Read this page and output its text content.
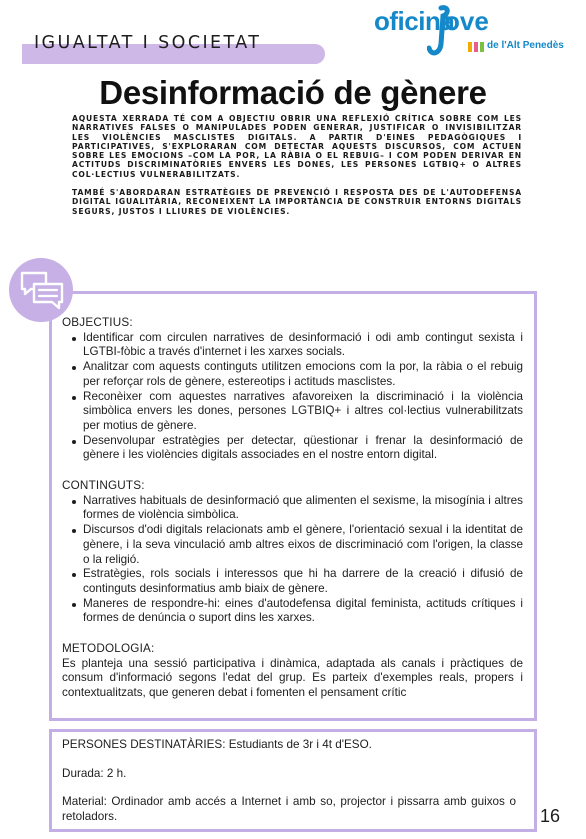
IGUALTAT I SOCIETAT
oficina
ove
de l'Alt Penedès
Desinformació de gènere

AQUESTA XERRADA TÉ COM A OBJECTIU OBRIR UNA REFLEXIÓ CRÍTICA SOBRE COM LES NARRATIVES FALSES O MANIPULADES PODEN GENERAR, JUSTIFICAR O INVISIBILITZAR LES VIOLÈNCIES MASCLISTES DIGITALS. A PARTIR D'EINES PEDAGÒGIQUES I PARTICIPATIVES, S'EXPLORARAN COM DETECTAR AQUESTS DISCURSOS, COM ACTUEN SOBRE LES EMOCIONS –COM LA POR, LA RÀBIA O EL REBUIG– I COM PODEN DERIVAR EN ACTITUDS DISCRIMINATÒRIES ENVERS LES DONES, LES PERSONES LGTBIQ+ O ALTRES COL·LECTIUS VULNERABILITZATS.

TAMBÉ S'ABORDARAN ESTRATÈGIES DE PREVENCIÓ I RESPOSTA DES DE L'AUTODEFENSA DIGITAL IGUALITÀRIA, RECONEIXENT LA IMPORTÀNCIA DE CONSTRUIR ENTORNS DIGITALS SEGURS, JUSTOS I LLIURES DE VIOLÈNCIES.

OBJECTIUS:
Identificar com circulen narratives de desinformació i odi amb contingut sexista i LGTBI-fòbic a través d'internet i les xarxes socials.
Analitzar com aquests continguts utilitzen emocions com la por, la ràbia o el rebuig per reforçar rols de gènere, estereotips i actituds masclistes.
Reconèixer com aquestes narratives afavoreixen la discriminació i la violència simbòlica envers les dones, persones LGTBIQ+ i altres col·lectius vulnerabilitzats per motius de gènere.
Desenvolupar estratègies per detectar, qüestionar i frenar la desinformació de gènere i les violències digitals associades en el nostre entorn digital.
CONTINGUTS:
Narratives habituals de desinformació que alimenten el sexisme, la misogínia i altres formes de violència simbòlica.
Discursos d'odi digitals relacionats amb el gènere, l'orientació sexual i la identitat de gènere, i la seva vinculació amb altres eixos de discriminació com l'origen, la classe o la religió.
Estratègies, rols socials i interessos que hi ha darrere de la creació i difusió de continguts desinformatius amb biaix de gènere.
Maneres de respondre-hi: eines d'autodefensa digital feminista, actituds crítiques i formes de denúncia o suport dins les xarxes.
METODOLOGIA:

Es planteja una sessió participativa i dinàmica, adaptada als canals i pràctiques de consum d'informació segons l'edat del grup. Es parteix d'exemples reals, propers i contextualitzats, que generen debat i fomenten el pensament crític

PERSONES DESTINATÀRIES: Estudiants de 3r i 4t d'ESO.
Durada: 2 h.
Material: Ordinador amb accés a Internet i amb so, projector i pissarra amb guixos o retoladors.	16
